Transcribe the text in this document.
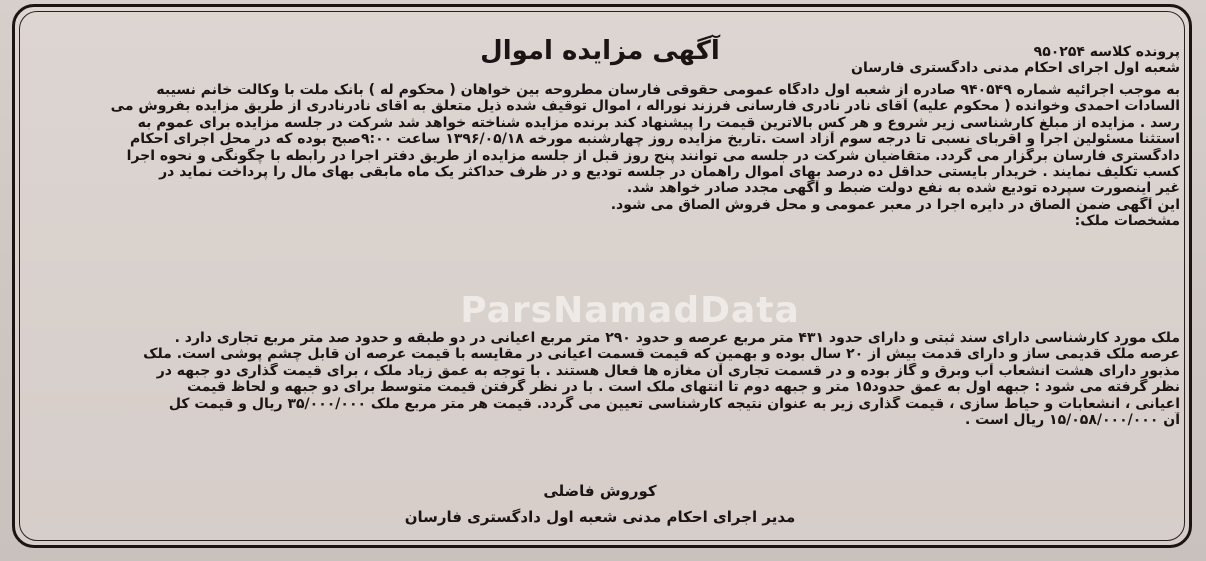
ParsNamadData
آگهی مزایده اموال	پرونده کلاسه ۹۵۰۲۵۴
شعبه اول اجرای احکام مدنی دادگستری فارسان
به موجب اجرائیه شماره ۹۴۰۵۴۹ صادره از شعبه اول دادگاه عمومی حقوقی فارسان مطروحه بین خواهان ( محکوم له ) بانک ملت با وکالت خانم نسیبه
السادات احمدی وخوانده ( محکوم علیه) آقای نادر نادری فارسانی فرزند نوراله ، اموال توقیف شده ذیل متعلق به اقای نادرنادری از طریق مزایده بفروش می
رسد . مزایده از مبلغ کارشناسی زیر شروع و هر کس بالاترین قیمت را پیشنهاد کند برنده مزایده شناخته خواهد شد شرکت در جلسه مزایده برای عموم به
استثنا مسئولین اجرا و اقربای نسبی تا درجه سوم آزاد است .تاریخ مزایده روز چهارشنبه مورخه ۱۳۹۶/۰۵/۱۸ ساعت ۹:۰۰صبح بوده که در محل اجرای احکام
دادگستری فارسان برگزار می گردد. متقاضیان شرکت در جلسه می توانند پنج روز قبل از جلسه مزایده از طریق دفتر اجرا در رابطه با چگونگی و نحوه اجرا
کسب تکلیف نمایند . خریدار بایستی حداقل ده درصد بهای اموال راهمان در جلسه تودیع و در ظرف حداکثر یک ماه مابقی بهای مال را پرداخت نماید در
غیر اینصورت سپرده تودیع شده به نفع دولت ضبط و آگهی مجدد صادر خواهد شد.
این آگهی ضمن الصاق در دایره اجرا در معبر عمومی و محل فروش الصاق می شود.
مشخصات ملک:
ملک مورد کارشناسی دارای سند ثبتی و دارای حدود ۴۳۱ متر مربع عرصه و حدود ۲۹۰ متر مربع اعیانی در دو طبقه و حدود صد متر مربع تجاری دارد .
عرصه ملک قدیمی ساز و دارای قدمت بیش از ۲۰ سال بوده و بهمین که قیمت قسمت اعیانی در مقایسه با قیمت عرصه ان قابل چشم پوشی است. ملک
مذبور دارای هشت انشعاب آب وبرق و گاز بوده و در قسمت تجاری آن مغازه ها فعال هستند . با توجه به عمق زیاد ملک ، برای قیمت گذاری دو جبهه در
نظر گرفته می شود : جبهه اول به عمق حدود۱۵ متر و جبهه دوم تا انتهای ملک است . با در نظر گرفتن قیمت متوسط برای دو جبهه و لحاظ قیمت
اعیانی ، انشعابات و حیاط سازی ، قیمت گذاری زیر به عنوان نتیجه کارشناسی تعیین می گردد. قیمت هر متر مربع ملک ۳۵/۰۰۰/۰۰۰ ریال و قیمت کل
آن ۱۵/۰۵۸/۰۰۰/۰۰۰ ریال است .
کوروش فاضلی
مدیر اجرای احکام مدنی شعبه اول دادگستری فارسان
